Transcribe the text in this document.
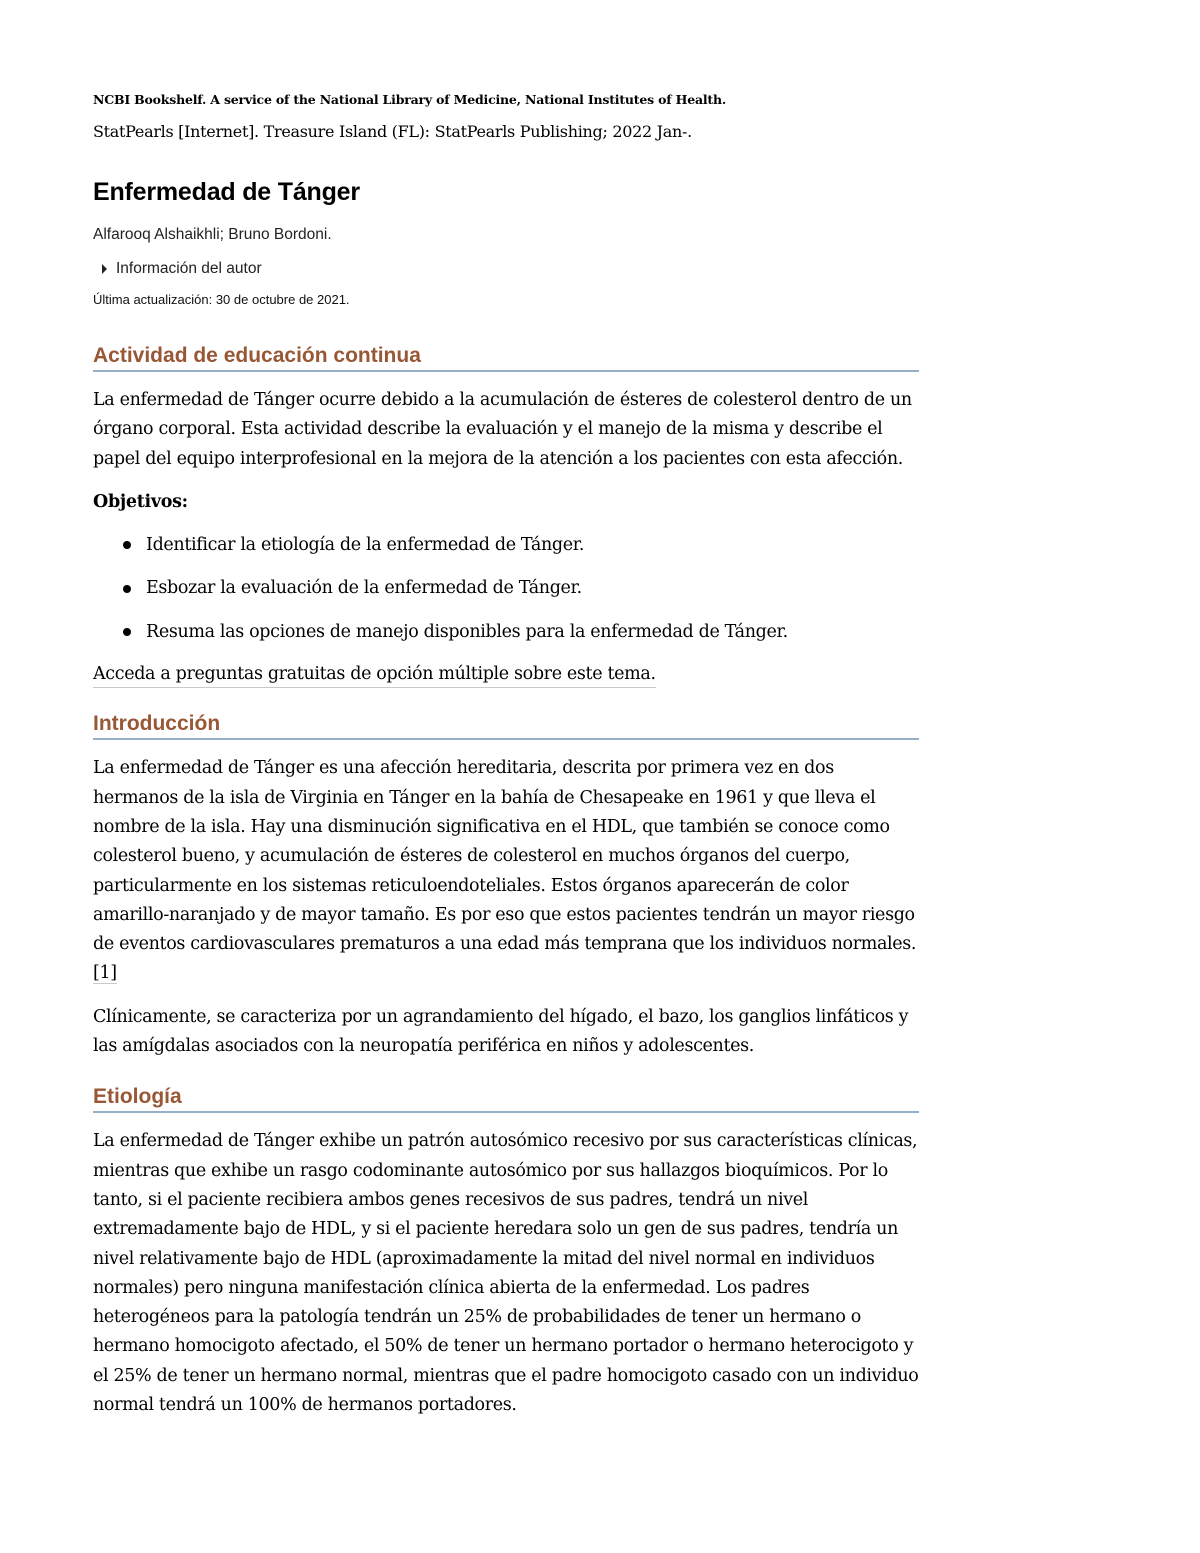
NCBI Bookshelf. A service of the National Library of Medicine, National Institutes of Health.
StatPearls [Internet]. Treasure Island (FL): StatPearls Publishing; 2022 Jan-.
Enfermedad de Tánger
Alfarooq Alshaikhli; Bruno Bordoni.
Información del autor
Última actualización: 30 de octubre de 2021.
Actividad de educación continua

La enfermedad de Tánger ocurre debido a la acumulación de ésteres de colesterol dentro de un órgano corporal. Esta actividad describe la evaluación y el manejo de la misma y describe el papel del equipo interprofesional en la mejora de la atención a los pacientes con esta afección.

Objetivos:
Identificar la etiología de la enfermedad de Tánger.
Esbozar la evaluación de la enfermedad de Tánger.
Resuma las opciones de manejo disponibles para la enfermedad de Tánger.
Acceda a preguntas gratuitas de opción múltiple sobre este tema.
Introducción

La enfermedad de Tánger es una afección hereditaria, descrita por primera vez en dos hermanos de la isla de Virginia en Tánger en la bahía de Chesapeake en 1961 y que lleva el nombre de la isla. Hay una disminución significativa en el HDL, que también se conoce como colesterol bueno, y acumulación de ésteres de colesterol en muchos órganos del cuerpo, particularmente en los sistemas reticuloendoteliales. Estos órganos aparecerán de color amarillo-naranjado y de mayor tamaño. Es por eso que estos pacientes tendrán un mayor riesgo de eventos cardiovasculares prematuros a una edad más temprana que los individuos normales.[1]

Clínicamente, se caracteriza por un agrandamiento del hígado, el bazo, los ganglios linfáticos y las amígdalas asociados con la neuropatía periférica en niños y adolescentes.

Etiología

La enfermedad de Tánger exhibe un patrón autosómico recesivo por sus características clínicas, mientras que exhibe un rasgo codominante autosómico por sus hallazgos bioquímicos. Por lo tanto, si el paciente recibiera ambos genes recesivos de sus padres, tendrá un nivel extremadamente bajo de HDL, y si el paciente heredara solo un gen de sus padres, tendría un nivel relativamente bajo de HDL (aproximadamente la mitad del nivel normal en individuos normales) pero ninguna manifestación clínica abierta de la enfermedad. Los padres heterogéneos para la patología tendrán un 25% de probabilidades de tener un hermano o hermano homocigoto afectado, el 50% de tener un hermano portador o hermano heterocigoto y el 25% de tener un hermano normal, mientras que el padre homocigoto casado con un individuo normal tendrá un 100% de hermanos portadores.
